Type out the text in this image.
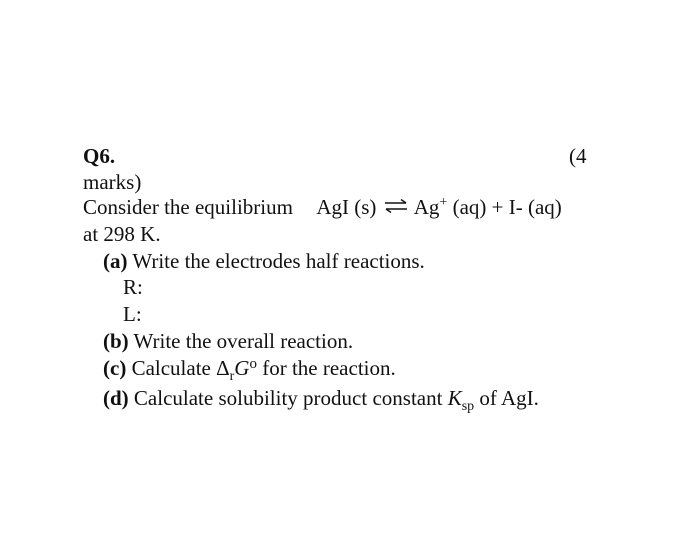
Q6.	(4
marks)
Consider the equilibrium AgI (s) ⇌ Ag+ (aq) + I- (aq)
at 298 K.
(a) Write the electrodes half reactions.
R:
L:
(b) Write the overall reaction.
(c) Calculate $\Delta_rG^o$ for the reaction.
(d) Calculate solubility product constant $K_{sp}$ of AgI.
